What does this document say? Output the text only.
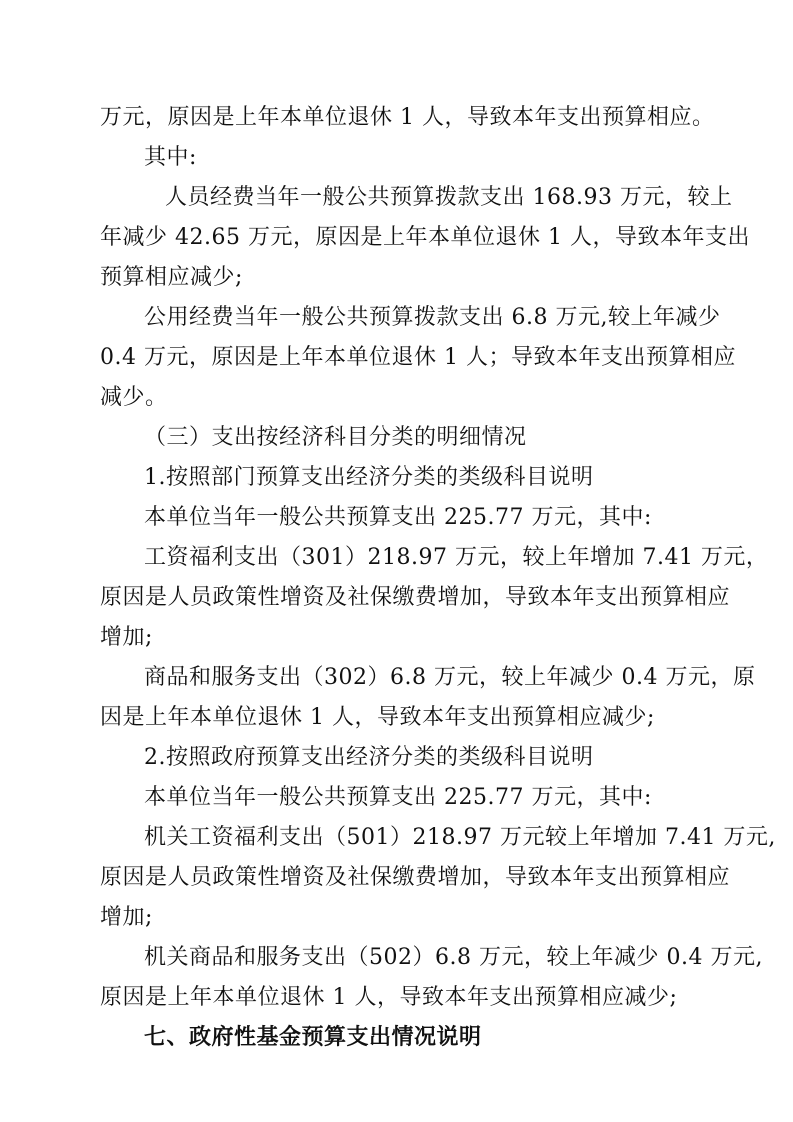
万元，原因是上年本单位退休 1 人，导致本年支出预算相应。
其中:
人员经费当年一般公共预算拨款支出 168.93 万元，较上
年减少 42.65 万元，原因是上年本单位退休 1 人，导致本年支出
预算相应减少;
公用经费当年一般公共预算拨款支出 6.8 万元,较上年减少
0.4 万元，原因是上年本单位退休 1 人；导致本年支出预算相应
减少。
（三）支出按经济科目分类的明细情况
1.按照部门预算支出经济分类的类级科目说明
本单位当年一般公共预算支出 225.77 万元，其中:
工资福利支出（301）218.97 万元，较上年增加 7.41 万元，
原因是人员政策性增资及社保缴费增加，导致本年支出预算相应
增加;
商品和服务支出（302）6.8 万元，较上年减少 0.4 万元，原
因是上年本单位退休 1 人，导致本年支出预算相应减少;
2.按照政府预算支出经济分类的类级科目说明
本单位当年一般公共预算支出 225.77 万元，其中:
机关工资福利支出（501）218.97 万元较上年增加 7.41 万元,
原因是人员政策性增资及社保缴费增加，导致本年支出预算相应
增加;
机关商品和服务支出（502）6.8 万元，较上年减少 0.4 万元,
原因是上年本单位退休 1 人，导致本年支出预算相应减少;
七、政府性基金预算支出情况说明
